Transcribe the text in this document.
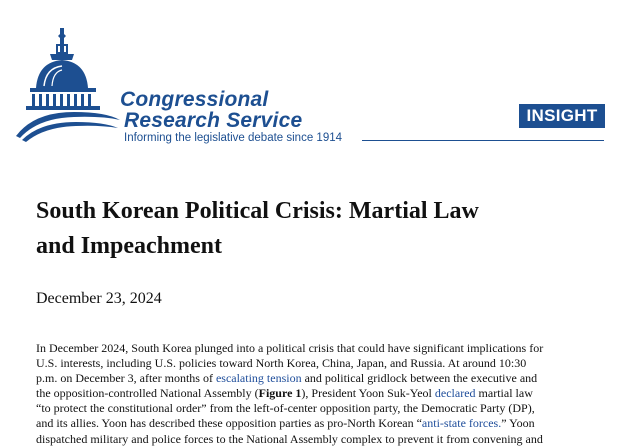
Congressional
Research Service
Informing the legislative debate since 1914
INSIGHT
South Korean Political Crisis: Martial Law
and Impeachment
December 23, 2024
In December 2024, South Korea plunged into a political crisis that could have significant implications for
U.S. interests, including U.S. policies toward North Korea, China, Japan, and Russia. At around 10:30
p.m. on December 3, after months of escalating tension and political gridlock between the executive and
the opposition-controlled National Assembly (Figure 1), President Yoon Suk-Yeol declared martial law
“to protect the constitutional order” from the left-of-center opposition party, the Democratic Party (DP),
and its allies. Yoon has described these opposition parties as pro-North Korean “anti-state forces.” Yoon
dispatched military and police forces to the National Assembly complex to prevent it from convening and
